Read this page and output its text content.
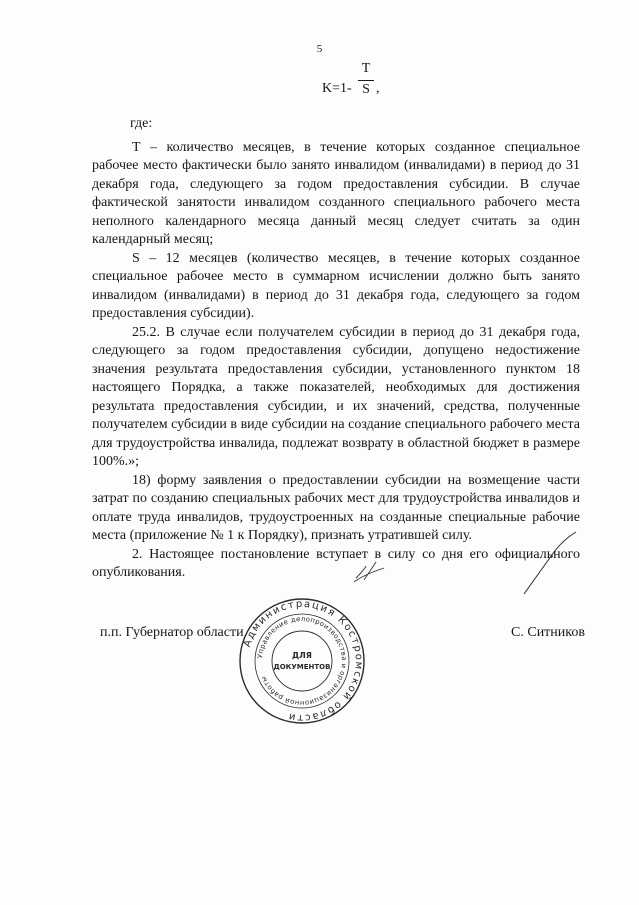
5
K=1-
T
S ,

где:

Т – количество месяцев, в течение которых созданное специальное рабочее место фактически было занято инвалидом (инвалидами) в период до 31 декабря года, следующего за годом предоставления субсидии. В случае фактической занятости инвалидом созданного специального рабочего места неполного календарного месяца данный месяц следует считать за один календарный месяц;

S – 12 месяцев (количество месяцев, в течение которых созданное специальное рабочее место в суммарном исчислении должно быть занято инвалидом (инвалидами) в период до 31 декабря года, следующего за годом предоставления субсидии).

25.2. В случае если получателем субсидии в период до 31 декабря года, следующего за годом предоставления субсидии, допущено недостижение значения результата предоставления субсидии, установленного пунктом 18 настоящего Порядка, а также показателей, необходимых для достижения результата предоставления субсидии, и их значений, средства, полученные получателем субсидии в виде субсидии на создание специального рабочего места для трудоустройства инвалида, подлежат возврату в областной бюджет в размере 100%.»;

18) форму заявления о предоставлении субсидии на возмещение части затрат по созданию специальных рабочих мест для трудоустройства инвалидов и оплате труда инвалидов, трудоустроенных на созданные специальные рабочие места (приложение № 1 к Порядку), признать утратившей силу.

2. Настоящее постановление вступает в силу со дня его официального опубликования.

п.п. Губернатор области	С. Ситников
Администрация Костромской области
Управление делопроизводства и организационной работы
ДЛЯ
ДОКУМЕНТОВ
